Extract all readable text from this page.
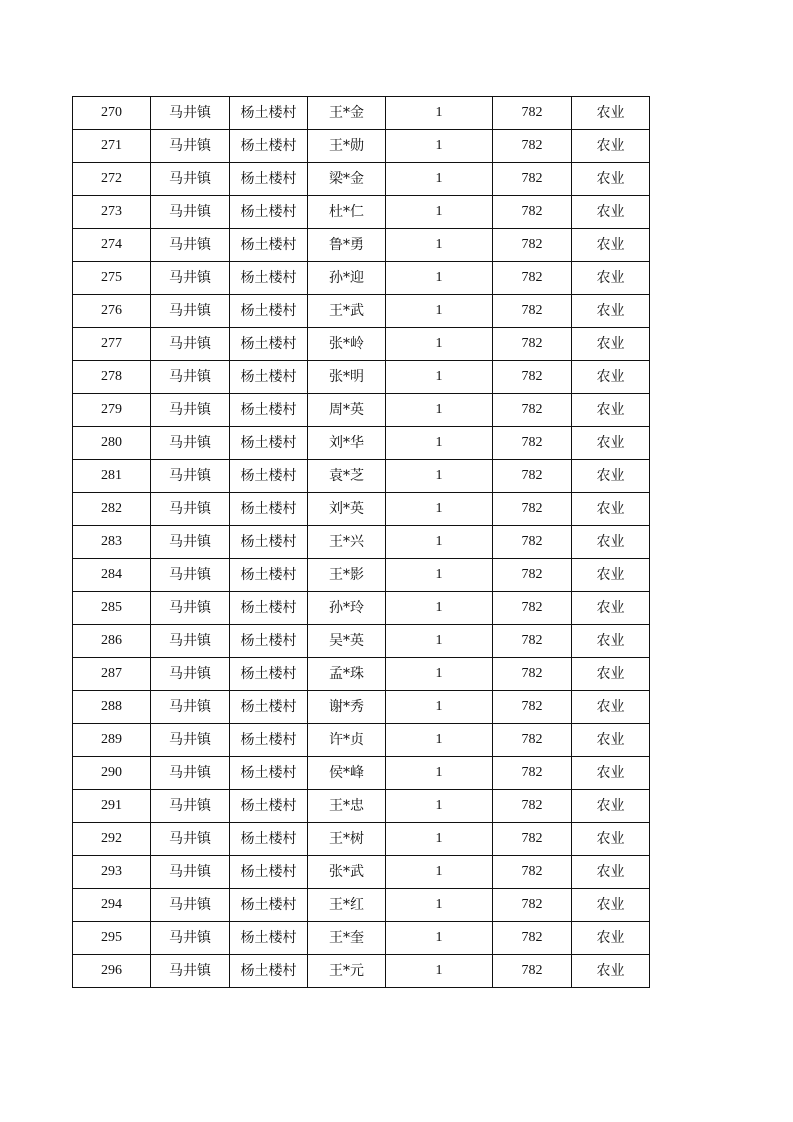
270	马井镇	杨土楼村	王*金	1	782	农业
271	马井镇	杨土楼村	王*勋	1	782	农业
272	马井镇	杨土楼村	梁*金	1	782	农业
273	马井镇	杨土楼村	杜*仁	1	782	农业
274	马井镇	杨土楼村	鲁*勇	1	782	农业
275	马井镇	杨土楼村	孙*迎	1	782	农业
276	马井镇	杨土楼村	王*武	1	782	农业
277	马井镇	杨土楼村	张*岭	1	782	农业
278	马井镇	杨土楼村	张*明	1	782	农业
279	马井镇	杨土楼村	周*英	1	782	农业
280	马井镇	杨土楼村	刘*华	1	782	农业
281	马井镇	杨土楼村	袁*芝	1	782	农业
282	马井镇	杨土楼村	刘*英	1	782	农业
283	马井镇	杨土楼村	王*兴	1	782	农业
284	马井镇	杨土楼村	王*影	1	782	农业
285	马井镇	杨土楼村	孙*玲	1	782	农业
286	马井镇	杨土楼村	吴*英	1	782	农业
287	马井镇	杨土楼村	孟*珠	1	782	农业
288	马井镇	杨土楼村	谢*秀	1	782	农业
289	马井镇	杨土楼村	许*贞	1	782	农业
290	马井镇	杨土楼村	侯*峰	1	782	农业
291	马井镇	杨土楼村	王*忠	1	782	农业
292	马井镇	杨土楼村	王*树	1	782	农业
293	马井镇	杨土楼村	张*武	1	782	农业
294	马井镇	杨土楼村	王*红	1	782	农业
295	马井镇	杨土楼村	王*奎	1	782	农业
296	马井镇	杨土楼村	王*元	1	782	农业
